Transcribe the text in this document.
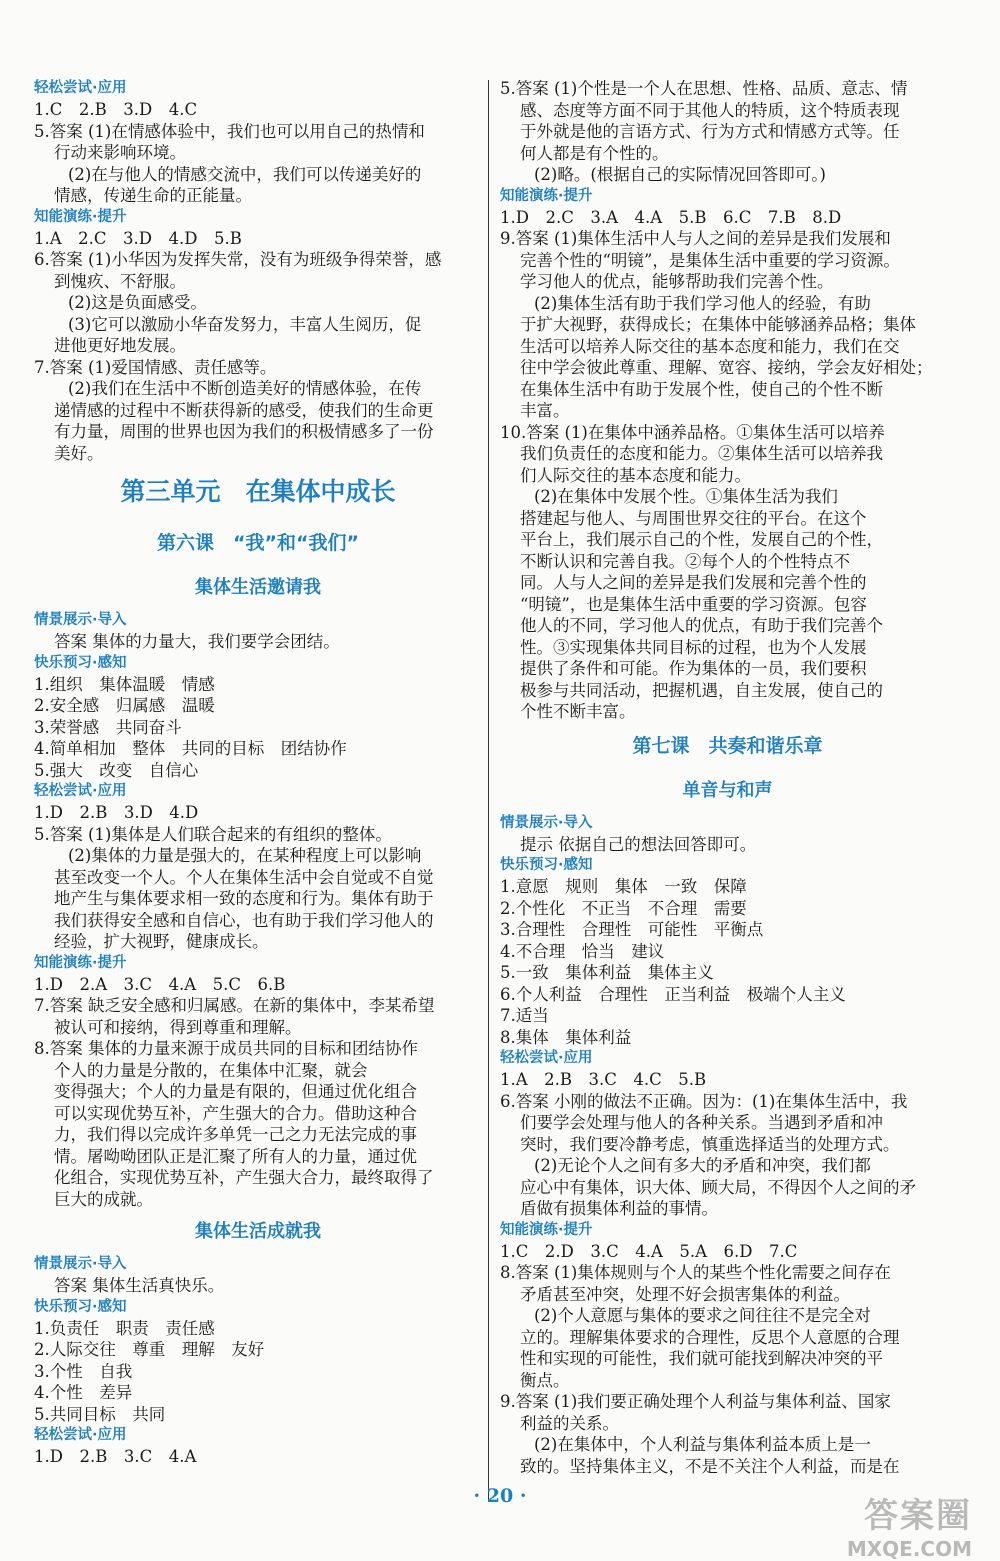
轻松尝试·应用
1.C　2.B　3.D　4.C
5.答案 (1)在情感体验中，我们也可以用自己的热情和
行动来影响环境。
(2)在与他人的情感交流中，我们可以传递美好的
情感，传递生命的正能量。
知能演练·提升
1.A　2.C　3.D　4.D　5.B
6.答案 (1)小华因为发挥失常，没有为班级争得荣誉，感
到愧疚、不舒服。
(2)这是负面感受。
(3)它可以激励小华奋发努力，丰富人生阅历，促
进他更好地发展。
7.答案 (1)爱国情感、责任感等。
(2)我们在生活中不断创造美好的情感体验，在传
递情感的过程中不断获得新的感受，使我们的生命更
有力量，周围的世界也因为我们的积极情感多了一份
美好。
第三单元　在集体中成长
第六课　“我”和“我们”
集体生活邀请我
情景展示·导入
答案 集体的力量大，我们要学会团结。
快乐预习·感知
1.组织　集体温暖　情感
2.安全感　归属感　温暖
3.荣誉感　共同奋斗
4.简单相加　整体　共同的目标　团结协作
5.强大　改变　自信心
轻松尝试·应用
1.D　2.B　3.D　4.D
5.答案 (1)集体是人们联合起来的有组织的整体。
(2)集体的力量是强大的，在某种程度上可以影响
甚至改变一个人。个人在集体生活中会自觉或不自觉
地产生与集体要求相一致的态度和行为。集体有助于
我们获得安全感和自信心，也有助于我们学习他人的
经验，扩大视野，健康成长。
知能演练·提升
1.D　2.A　3.C　4.A　5.C　6.B
7.答案 缺乏安全感和归属感。在新的集体中，李某希望
被认可和接纳，得到尊重和理解。
8.答案 集体的力量来源于成员共同的目标和团结协作
个人的力量是分散的，在集体中汇聚，就会
变得强大；个人的力量是有限的，但通过优化组合
可以实现优势互补，产生强大的合力。借助这种合
力，我们得以完成许多单凭一己之力无法完成的事
情。屠呦呦团队正是汇聚了所有人的力量，通过优
化组合，实现优势互补，产生强大合力，最终取得了
巨大的成就。
集体生活成就我
情景展示·导入
答案 集体生活真快乐。
快乐预习·感知
1.负责任　职责　责任感
2.人际交往　尊重　理解　友好
3.个性　自我
4.个性　差异
5.共同目标　共同
轻松尝试·应用
1.D　2.B　3.C　4.A
5.答案 (1)个性是一个人在思想、性格、品质、意志、情
感、态度等方面不同于其他人的特质，这个特质表现
于外就是他的言语方式、行为方式和情感方式等。任
何人都是有个性的。
(2)略。(根据自己的实际情况回答即可。)
知能演练·提升
1.D　2.C　3.A　4.A　5.B　6.C　7.B　8.D
9.答案 (1)集体生活中人与人之间的差异是我们发展和
完善个性的“明镜”，是集体生活中重要的学习资源。
学习他人的优点，能够帮助我们完善个性。
(2)集体生活有助于我们学习他人的经验，有助
于扩大视野，获得成长；在集体中能够涵养品格；集体
生活可以培养人际交往的基本态度和能力，我们在交
往中学会彼此尊重、理解、宽容、接纳，学会友好相处；
在集体生活中有助于发展个性，使自己的个性不断
丰富。
10.答案 (1)在集体中涵养品格。①集体生活可以培养
我们负责任的态度和能力。②集体生活可以培养我
们人际交往的基本态度和能力。
(2)在集体中发展个性。①集体生活为我们
搭建起与他人、与周围世界交往的平台。在这个
平台上，我们展示自己的个性，发展自己的个性，
不断认识和完善自我。②每个人的个性特点不
同。人与人之间的差异是我们发展和完善个性的
“明镜”，也是集体生活中重要的学习资源。包容
他人的不同，学习他人的优点，有助于我们完善个
性。③实现集体共同目标的过程，也为个人发展
提供了条件和可能。作为集体的一员，我们要积
极参与共同活动，把握机遇，自主发展，使自己的
个性不断丰富。
第七课　共奏和谐乐章
单音与和声
情景展示·导入
提示 依据自己的想法回答即可。
快乐预习·感知
1.意愿　规则　集体　一致　保障
2.个性化　不正当　不合理　需要
3.合理性　合理性　可能性　平衡点
4.不合理　恰当　建议
5.一致　集体利益　集体主义
6.个人利益　合理性　正当利益　极端个人主义
7.适当
8.集体　集体利益
轻松尝试·应用
1.A　2.B　3.C　4.C　5.B
6.答案 小刚的做法不正确。因为：(1)在集体生活中，我
们要学会处理与他人的各种关系。当遇到矛盾和冲
突时，我们要冷静考虑，慎重选择适当的处理方式。
(2)无论个人之间有多大的矛盾和冲突，我们都
应心中有集体，识大体、顾大局，不得因个人之间的矛
盾做有损集体利益的事情。
知能演练·提升
1.C　2.D　3.C　4.A　5.A　6.D　7.C
8.答案 (1)集体规则与个人的某些个性化需要之间存在
矛盾甚至冲突，处理不好会损害集体的利益。
(2)个人意愿与集体的要求之间往往不是完全对
立的。理解集体要求的合理性，反思个人意愿的合理
性和实现的可能性，我们就可能找到解决冲突的平
衡点。
9.答案 (1)我们要正确处理个人利益与集体利益、国家
利益的关系。
(2)在集体中，个人利益与集体利益本质上是一
致的。坚持集体主义，不是不关注个人利益，而是在
· 20 ·	答案圈
MXQE.COM
